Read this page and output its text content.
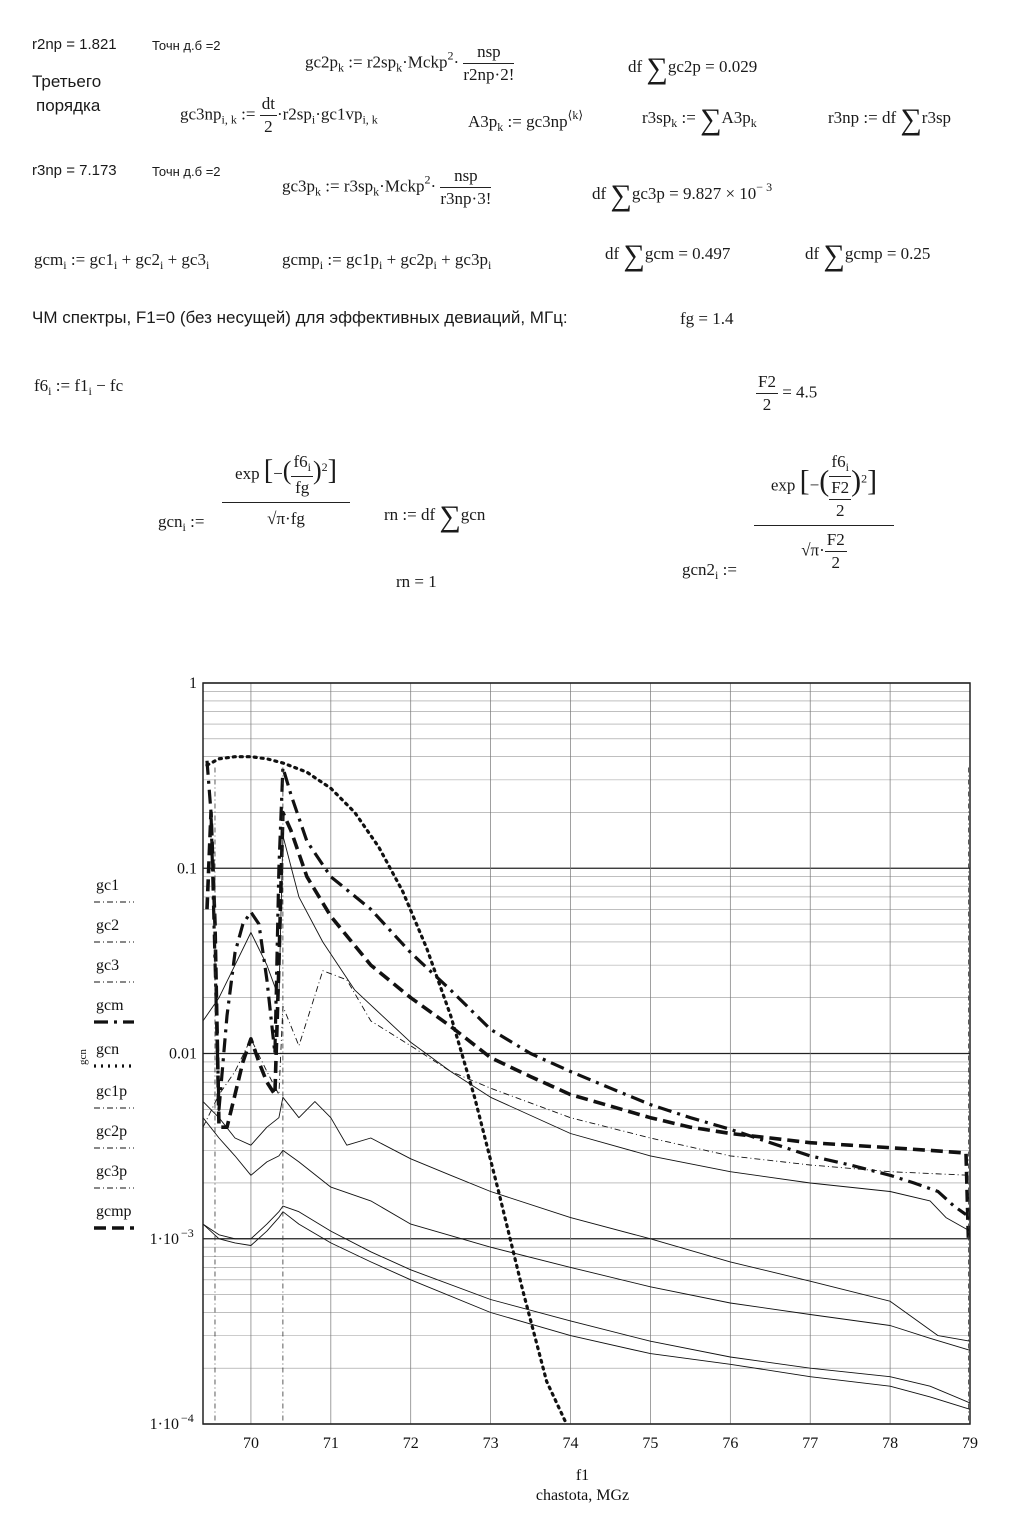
r2np = 1.821	Точн д.б =2
$gc2p_k$ := $r2sp_k\cdot Mckp^2\cdot \frac{\text{nsp}}{r2np\cdot 2!}$	df ∑gc2p = 0.029
Третьего
порядка	$gc3np_{i, k}$ := $\frac{dt}{2} \cdot r2sp_i\cdot gc1vp_{i, k}$	$A3p_k$ := $gc3np^{⟨k⟩}$	$r3sp_k$ := $\sum A3p_k$	r3np := df ∑r3sp
r3np = 7.173	Точн д.б =2
$gc3p_k$ := $r3sp_k\cdot Mckp^2\cdot \frac{\text{nsp}}{r3np\cdot 3!}$	df $\sum gc3p = 9.827 \times 10^{- 3}$
gcm$_i$ := $gc1_i + gc2_i + gc3_i$	gcmp$_i$ := $gc1p_i + gc2p_i + gc3p_i$
df ∑gcm = 0.497	df ∑gcmp = 0.25
ЧМ спектры, F1=0 (без несущей) для эффективных девиаций, МГц:	fg = 1.4
$f6_i$ := $f1_i$ − fc	$\frac{F2}{2} = 4.5$
gcn$_i$ :=
exp [−( $\frac{f6_i}{fg} )^2$]
√π·fg	rn := df ∑gcn
rn = 1
$gcn2_i$ :=
exp [−( $\frac{f6_i}{\frac{F2}{2}} )^2$]
$√\pi\cdot \frac{F2}{2}$
1
0.1
0.01
1·10 −3
1·10 −4
70	71	72	73	74	75	76	77	78	79
gc1
gc2
gc3
gcm
gcn
gc1p
gc2p
gc3p
gcmp
f1
chastota, MGz
gcn
